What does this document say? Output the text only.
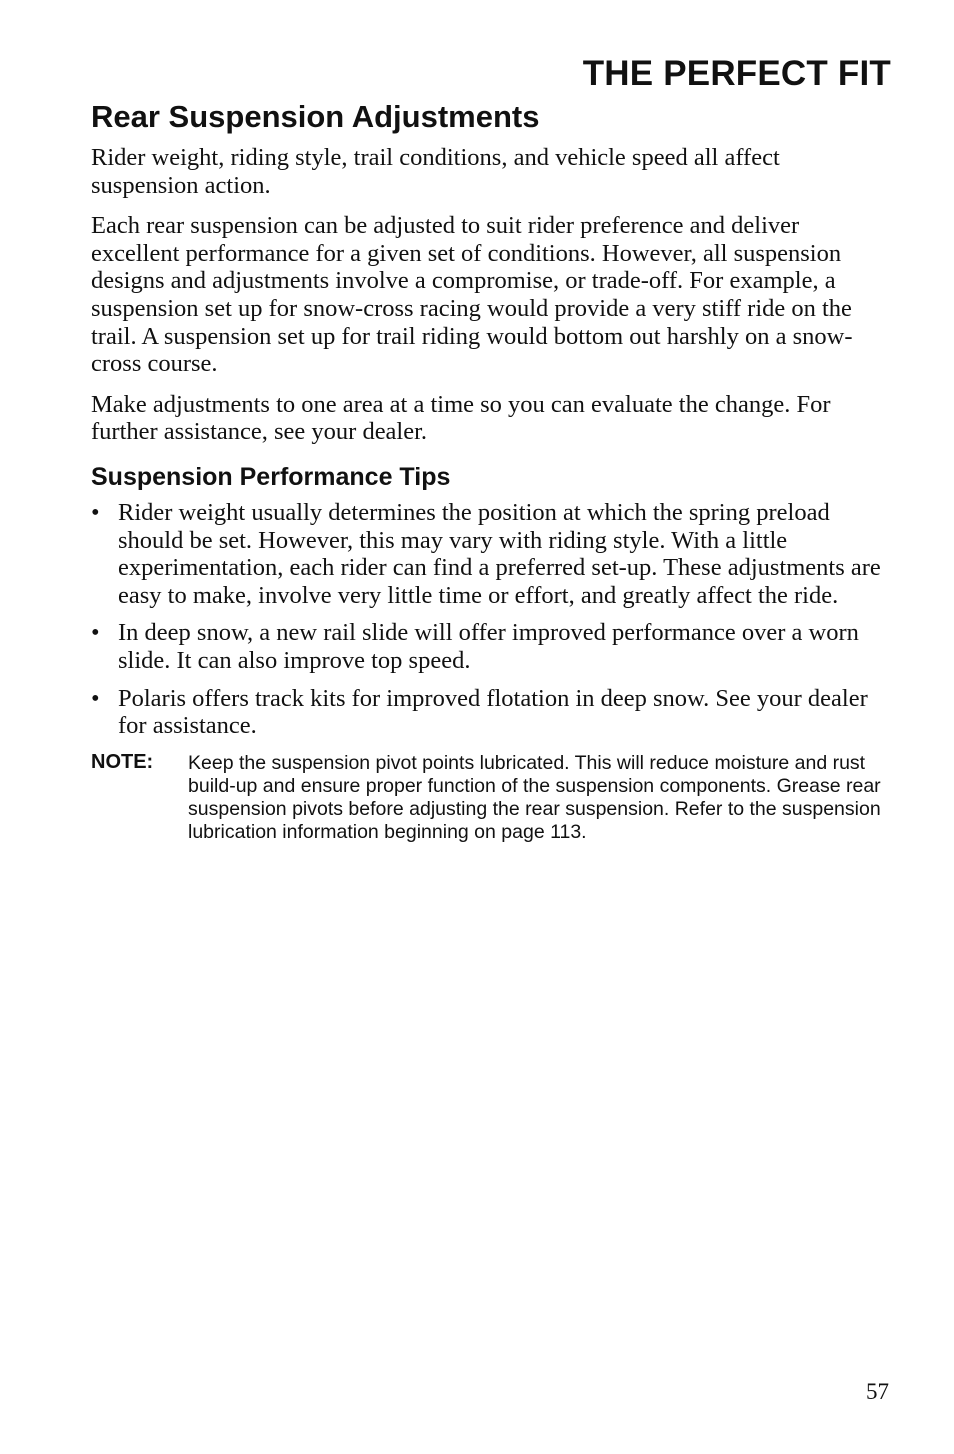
THE PERFECT FIT
Rear Suspension Adjustments

Rider weight, riding style, trail conditions, and vehicle speed all affect suspension action.

Each rear suspension can be adjusted to suit rider preference and deliver excellent performance for a given set of conditions. However, all suspension designs and adjustments involve a compromise, or trade-off. For example, a suspension set up for snow-cross racing would provide a very stiff ride on the trail. A suspension set up for trail riding would bottom out harshly on a snow-cross course.

Make adjustments to one area at a time so you can evaluate the change. For further assistance, see your dealer.

Suspension Performance Tips
• Rider weight usually determines the position at which the spring preload should be set. However, this may vary with riding style. With a little experimentation, each rider can find a preferred set-up. These adjustments are easy to make, involve very little time or effort, and greatly affect the ride.
• In deep snow, a new rail slide will offer improved performance over a worn slide. It can also improve top speed.
• Polaris offers track kits for improved flotation in deep snow. See your dealer for assistance.
NOTE: Keep the suspension pivot points lubricated. This will reduce moisture and rust build-up and ensure proper function of the suspension components. Grease rear suspension pivots before adjusting the rear suspension. Refer to the suspension lubrication information beginning on page 113.
57
